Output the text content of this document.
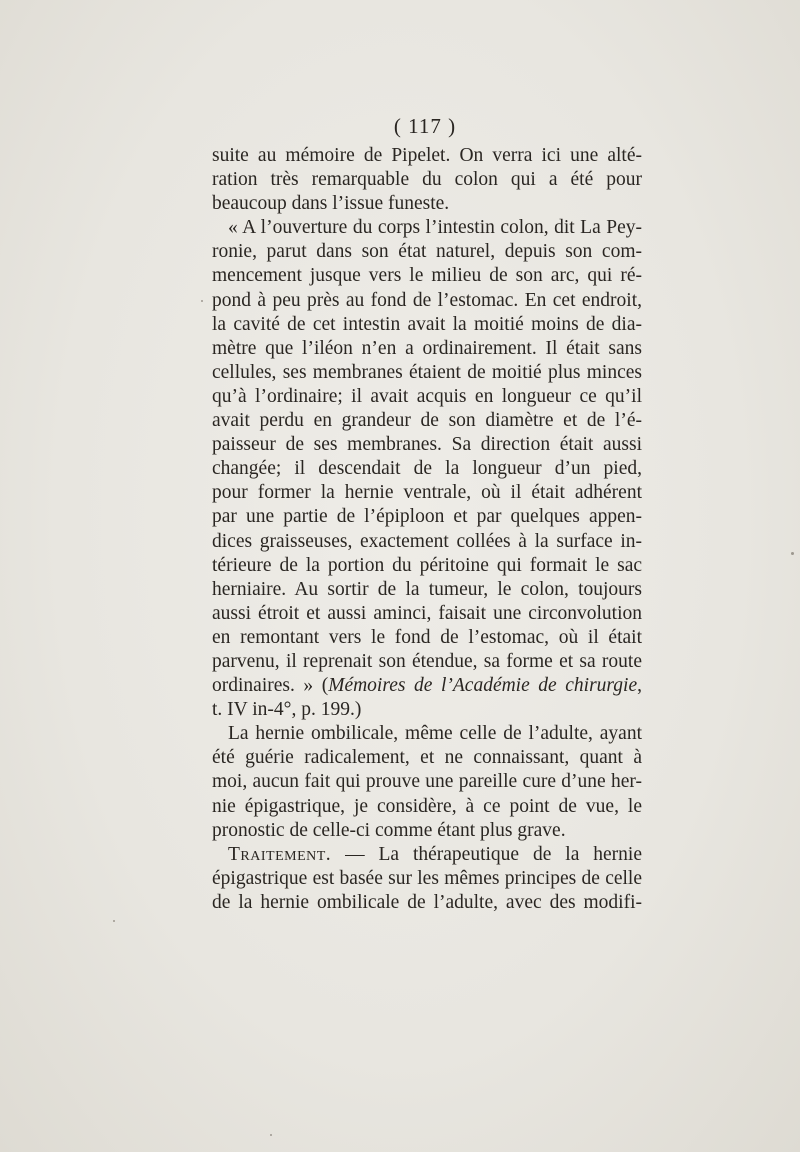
( 117 )
suite au mémoire de Pipelet. On verra ici une alté-
ration très remarquable du colon qui a été pour
beaucoup dans l’issue funeste.
« A l’ouverture du corps l’intestin colon, dit La Pey-
ronie, parut dans son état naturel, depuis son com-
mencement jusque vers le milieu de son arc, qui ré-
pond à peu près au fond de l’estomac. En cet endroit,
la cavité de cet intestin avait la moitié moins de dia-
mètre que l’iléon n’en a ordinairement. Il était sans
cellules, ses membranes étaient de moitié plus minces
qu’à l’ordinaire; il avait acquis en longueur ce qu’il
avait perdu en grandeur de son diamètre et de l’é-
paisseur de ses membranes. Sa direction était aussi
changée; il descendait de la longueur d’un pied,
pour former la hernie ventrale, où il était adhérent
par une partie de l’épiploon et par quelques appen-
dices graisseuses, exactement collées à la surface in-
térieure de la portion du péritoine qui formait le sac
herniaire. Au sortir de la tumeur, le colon, toujours
aussi étroit et aussi aminci, faisait une circonvolution
en remontant vers le fond de l’estomac, où il était
parvenu, il reprenait son étendue, sa forme et sa route
ordinaires. » (Mémoires de l’Académie de chirurgie,
t. IV in-4°, p. 199.)
La hernie ombilicale, même celle de l’adulte, ayant
été guérie radicalement, et ne connaissant, quant à
moi, aucun fait qui prouve une pareille cure d’une her-
nie épigastrique, je considère, à ce point de vue, le
pronostic de celle-ci comme étant plus grave.
Traitement. — La thérapeutique de la hernie
épigastrique est basée sur les mêmes principes de celle
de la hernie ombilicale de l’adulte, avec des modifi-
